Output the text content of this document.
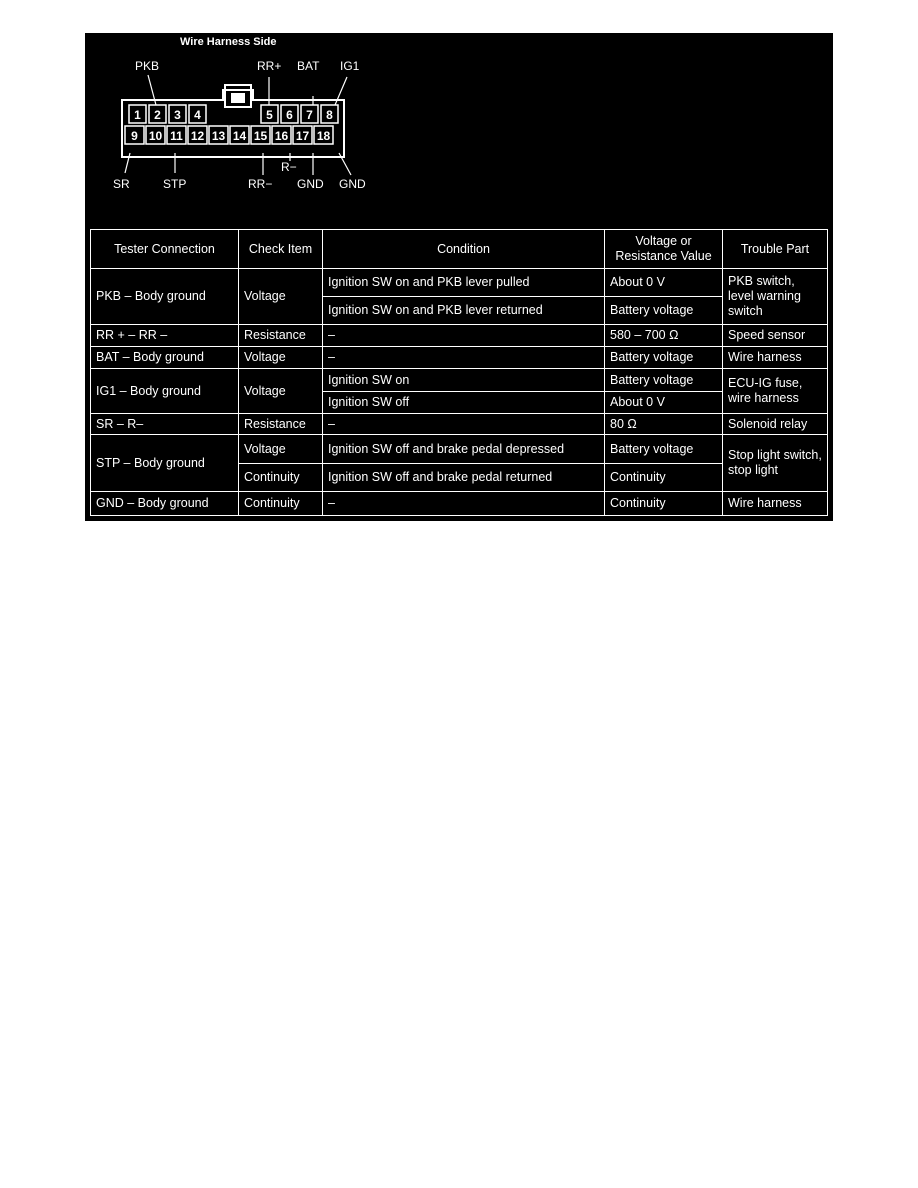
Wire Harness Side
1 2 3 4	5 6 7 8
9 10 11 12 13 14 15 16 17 18
PKB	RR+ BAT IG1
SR	STP	RR−
R−
GND GND
Tester Connection	Check Item	Condition	Voltage or
Resistance Value	Trouble Part
PKB – Body ground	Voltage	Ignition SW on and PKB lever pulled	About 0 V	PKB switch, level warning switch
		Ignition SW on and PKB lever returned	Battery voltage	
RR + – RR –	Resistance	–	580 – 700 Ω	Speed sensor
BAT – Body ground	Voltage	–	Battery voltage	Wire harness
IG1 – Body ground	Voltage	Ignition SW on	Battery voltage	ECU-IG fuse, wire harness
		Ignition SW off	About 0 V	
SR – R–	Resistance	–	80 Ω	Solenoid relay
STP – Body ground	Voltage	Ignition SW off and brake pedal depressed	Battery voltage	Stop light switch, stop light
	Continuity	Ignition SW off and brake pedal returned	Continuity	
GND – Body ground	Continuity	–	Continuity	Wire harness
